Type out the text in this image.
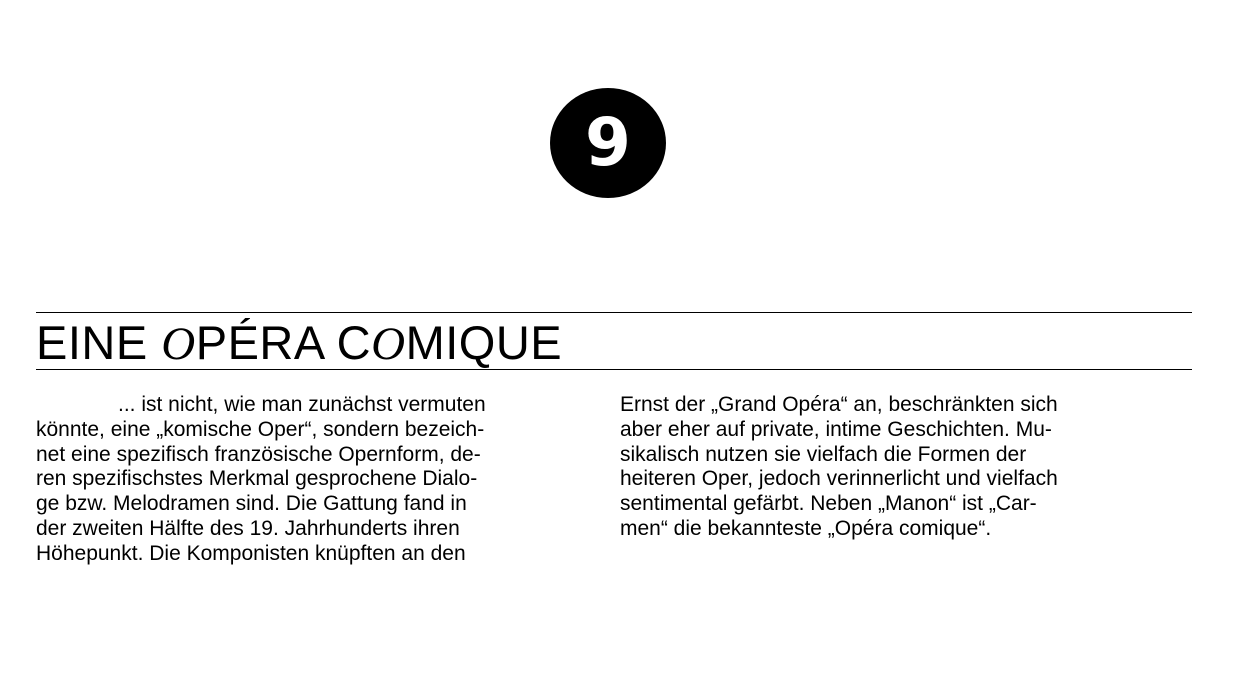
9
EINE OPÉRA COMIQUE
... ist nicht, wie man zunächst vermuten
könnte, eine „komische Oper“, sondern bezeich-
net eine spezifisch französische Opernform, de-
ren spezifischstes Merkmal gesprochene Dialo-
ge bzw. Melodramen sind. Die Gattung fand in
der zweiten Hälfte des 19. Jahrhunderts ihren
Höhepunkt. Die Komponisten knüpften an den
Ernst der „Grand Opéra“ an, beschränkten sich
aber eher auf private, intime Geschichten. Mu-
sikalisch nutzen sie vielfach die Formen der
heiteren Oper, jedoch verinnerlicht und vielfach
sentimental gefärbt. Neben „Manon“ ist „Car-
men“ die bekannteste „Opéra comique“.
